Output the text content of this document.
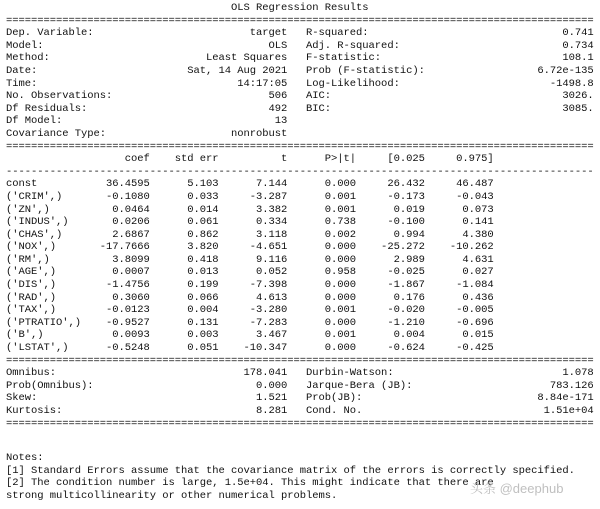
OLS Regression Results
==============================================================================================
Dep. Variable:                         target   R-squared:                               0.741
Model:                                    OLS   Adj. R-squared:                          0.734
Method:                         Least Squares   F-statistic:                             108.1
Date:                        Sat, 14 Aug 2021   Prob (F-statistic):                  6.72e-135
Time:                                14:17:05   Log-Likelihood:                        -1498.8
No. Observations:                         506   AIC:                                     3026.
Df Residuals:                             492   BIC:                                     3085.
Df Model:                                  13
Covariance Type:                    nonrobust
==============================================================================================
coef    std err          t      P>|t|     [0.025     0.975]
----------------------------------------------------------------------------------------------
const           36.4595      5.103      7.144      0.000     26.432     46.487
('CRIM',)       -0.1080      0.033     -3.287      0.001     -0.173     -0.043
('ZN',)          0.0464      0.014      3.382      0.001      0.019      0.073
('INDUS',)       0.0206      0.061      0.334      0.738     -0.100      0.141
('CHAS',)        2.6867      0.862      3.118      0.002      0.994      4.380
('NOX',)       -17.7666      3.820     -4.651      0.000    -25.272    -10.262
('RM',)          3.8099      0.418      9.116      0.000      2.989      4.631
('AGE',)         0.0007      0.013      0.052      0.958     -0.025      0.027
('DIS',)        -1.4756      0.199     -7.398      0.000     -1.867     -1.084
('RAD',)         0.3060      0.066      4.613      0.000      0.176      0.436
('TAX',)        -0.0123      0.004     -3.280      0.001     -0.020     -0.005
('PTRATIO',)    -0.9527      0.131     -7.283      0.000     -1.210     -0.696
('B',)           0.0093      0.003      3.467      0.001      0.004      0.015
('LSTAT',)      -0.5248      0.051    -10.347      0.000     -0.624     -0.425
==============================================================================================
Omnibus:                              178.041   Durbin-Watson:                           1.078
Prob(Omnibus):                          0.000   Jarque-Bera (JB):                      783.126
Skew:                                   1.521   Prob(JB):                            8.84e-171
Kurtosis:                               8.281   Cond. No.                             1.51e+04
==============================================================================================
Notes:
[1] Standard Errors assume that the covariance matrix of the errors is correctly specified.
[2] The condition number is large, 1.5e+04. This might indicate that there are
strong multicollinearity or other numerical problems.	头条 @deephub
